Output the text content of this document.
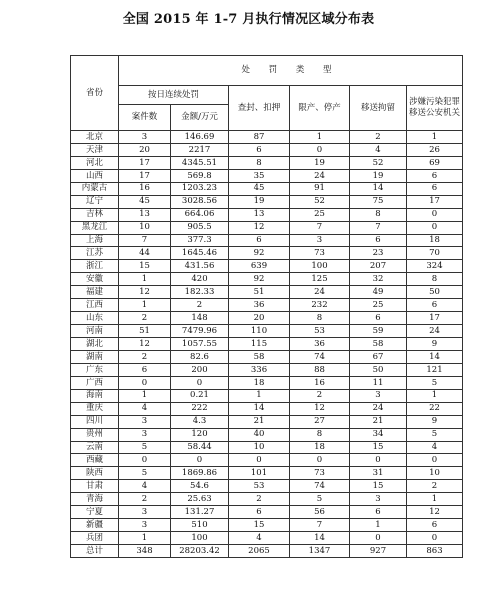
全国 2015 年 1-7 月执行情况区域分布表
省份	处 罚 类 型					
	按日连续处罚		查封、扣押	限产、停产	移送拘留	涉嫌污染犯罪移送公安机关
	案件数	金额/万元				
北京	3	146.69	87	1	2	1
天津	20	2217	6	0	4	26
河北	17	4345.51	8	19	52	69
山西	17	569.8	35	24	19	6
内蒙古	16	1203.23	45	91	14	6
辽宁	45	3028.56	19	52	75	17
吉林	13	664.06	13	25	8	0
黑龙江	10	905.5	12	7	7	0
上海	7	377.3	6	3	6	18
江苏	44	1645.46	92	73	23	70
浙江	15	431.56	639	100	207	324
安徽	1	420	92	125	32	8
福建	12	182.33	51	24	49	50
江西	1	2	36	232	25	6
山东	2	148	20	8	6	17
河南	51	7479.96	110	53	59	24
湖北	12	1057.55	115	36	58	9
湖南	2	82.6	58	74	67	14
广东	6	200	336	88	50	121
广西	0	0	18	16	11	5
海南	1	0.21	1	2	3	1
重庆	4	222	14	12	24	22
四川	3	4.3	21	27	21	9
贵州	3	120	40	8	34	5
云南	5	58.44	10	18	15	4
西藏	0	0	0	0	0	0
陕西	5	1869.86	101	73	31	10
甘肃	4	54.6	53	74	15	2
青海	2	25.63	2	5	3	1
宁夏	3	131.27	6	56	6	12
新疆	3	510	15	7	1	6
兵团	1	100	4	14	0	0
总计	348	28203.42	2065	1347	927	863
